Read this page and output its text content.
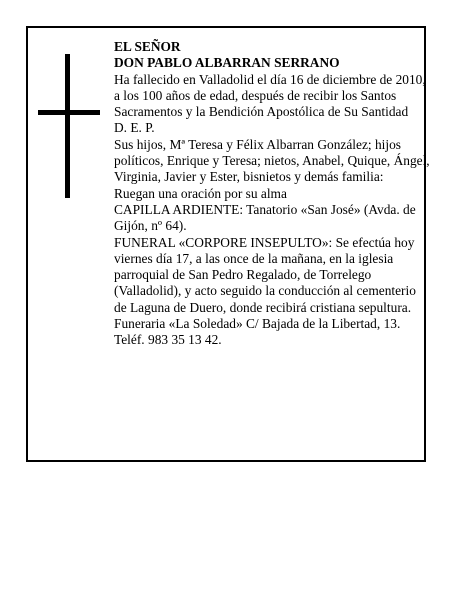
EL SEÑOR

DON PABLO ALBARRAN SERRANO

Ha fallecido en Valladolid el día 16 de diciembre de 2010, a los 100 años de edad, después de recibir los Santos Sacramentos y la Bendición Apostólica de Su Santidad

D. E. P.

Sus hijos, Mª Teresa y Félix Albarran González; hijos políticos, Enrique y Teresa; nietos, Anabel, Quique, Ángel, Virginia, Javier y Ester, bisnietos y demás familia:

Ruegan una oración por su alma

CAPILLA ARDIENTE: Tanatorio «San José» (Avda. de Gijón, nº 64).

FUNERAL «CORPORE INSEPULTO»: Se efectúa hoy viernes día 17, a las once de la mañana, en la iglesia parroquial de San Pedro Regalado, de Torrelego (Valladolid), y acto seguido la conducción al cementerio de Laguna de Duero, donde recibirá cristiana sepultura.

Funeraria «La Soledad» C/ Bajada de la Libertad, 13. Teléf. 983 35 13 42.
